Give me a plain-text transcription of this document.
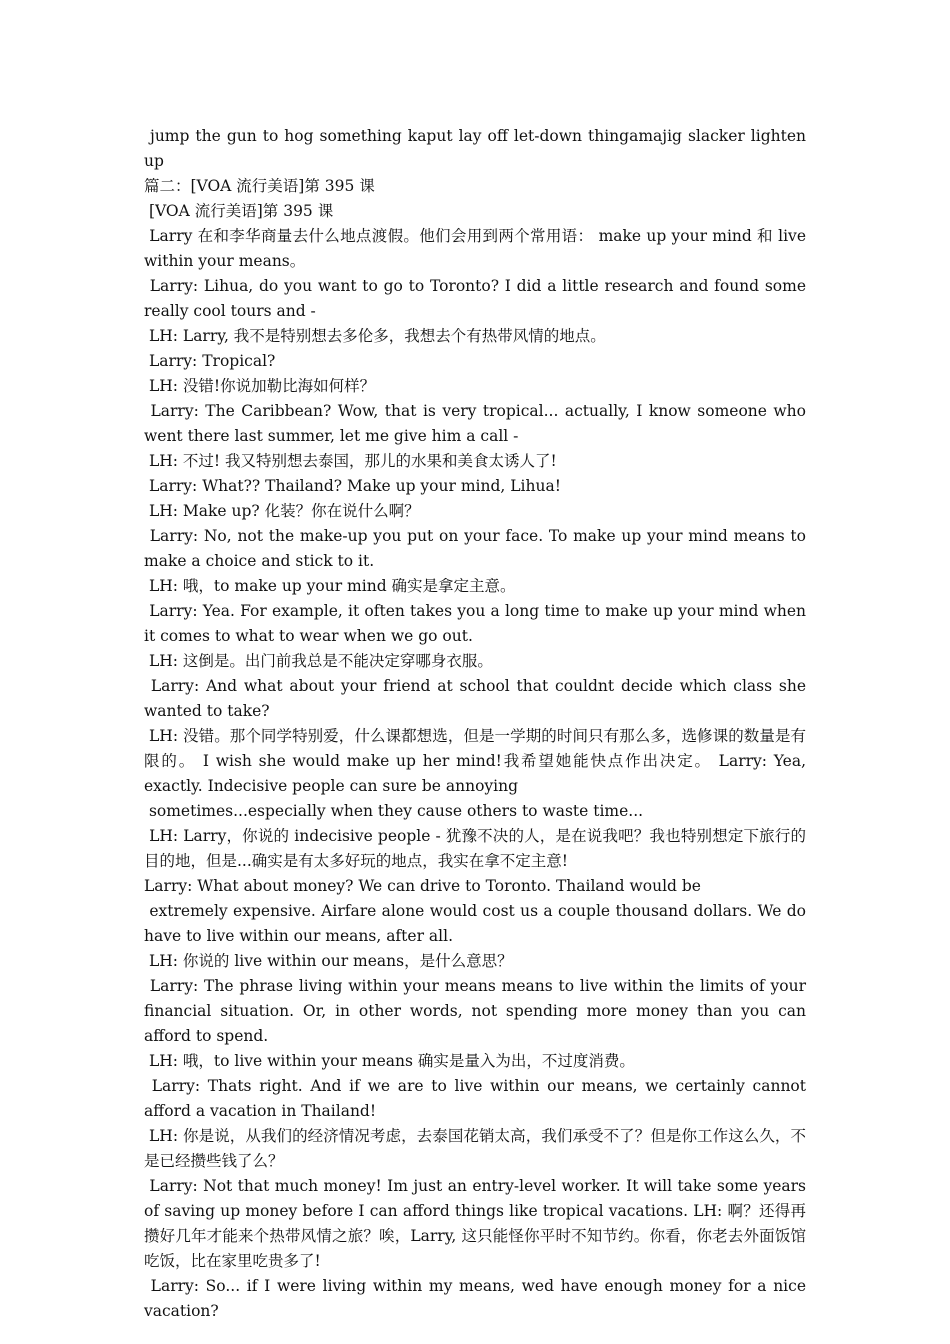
jump the gun to hog something kaput lay off let-down thingamajig slacker lighten up

篇二：[VOA 流行美语]第 395 课

[VOA 流行美语]第 395 课

Larry 在和李华商量去什么地点渡假。他们会用到两个常用语： make up your mind 和 live within your means。

Larry: Lihua, do you want to go to Toronto? I did a little research and found some really cool tours and -

LH: Larry, 我不是特别想去多伦多，我想去个有热带风情的地点。

Larry: Tropical?

LH: 没错!你说加勒比海如何样？

Larry: The Caribbean? Wow, that is very tropical... actually, I know someone who went there last summer, let me give him a call -

LH: 不过! 我又特别想去泰国，那儿的水果和美食太诱人了!

Larry: What?? Thailand? Make up your mind, Lihua!

LH: Make up? 化装？你在说什么啊？

Larry: No, not the make-up you put on your face. To make up your mind means to make a choice and stick to it.

LH: 哦，to make up your mind 确实是拿定主意。

Larry: Yea. For example, it often takes you a long time to make up your mind when it comes to what to wear when we go out.

LH: 这倒是。出门前我总是不能决定穿哪身衣服。

Larry: And what about your friend at school that couldnt decide which class she wanted to take?

LH: 没错。那个同学特别爱，什么课都想选，但是一学期的时间只有那么多，选修课的数量是有限的。 I wish she would make up her mind!我希望她能快点作出决定。 Larry: Yea, exactly. Indecisive people can sure be annoying

sometimes...especially when they cause others to waste time...

LH: Larry，你说的 indecisive people - 犹豫不决的人，是在说我吧？我也特别想定下旅行的目的地，但是...确实是有太多好玩的地点，我实在拿不定主意!

Larry: What about money? We can drive to Toronto. Thailand would be

extremely expensive. Airfare alone would cost us a couple thousand dollars. We do have to live within our means, after all.

LH: 你说的 live within our means，是什么意思？

Larry: The phrase living within your means means to live within the limits of your financial situation. Or, in other words, not spending more money than you can afford to spend.

LH: 哦，to live within your means 确实是量入为出，不过度消费。

Larry: Thats right. And if we are to live within our means, we certainly cannot afford a vacation in Thailand!

LH: 你是说，从我们的经济情况考虑，去泰国花销太高，我们承受不了？但是你工作这么久，不是已经攒些钱了么？

Larry: Not that much money! Im just an entry-level worker. It will take some years of saving up money before I can afford things like tropical vacations. LH: 啊？还得再攒好几年才能来个热带风情之旅？唉，Larry, 这只能怪你平时不知节约。你看，你老去外面饭馆吃饭，比在家里吃贵多了!

Larry: So... if I were living within my means, wed have enough money for a nice vacation?
